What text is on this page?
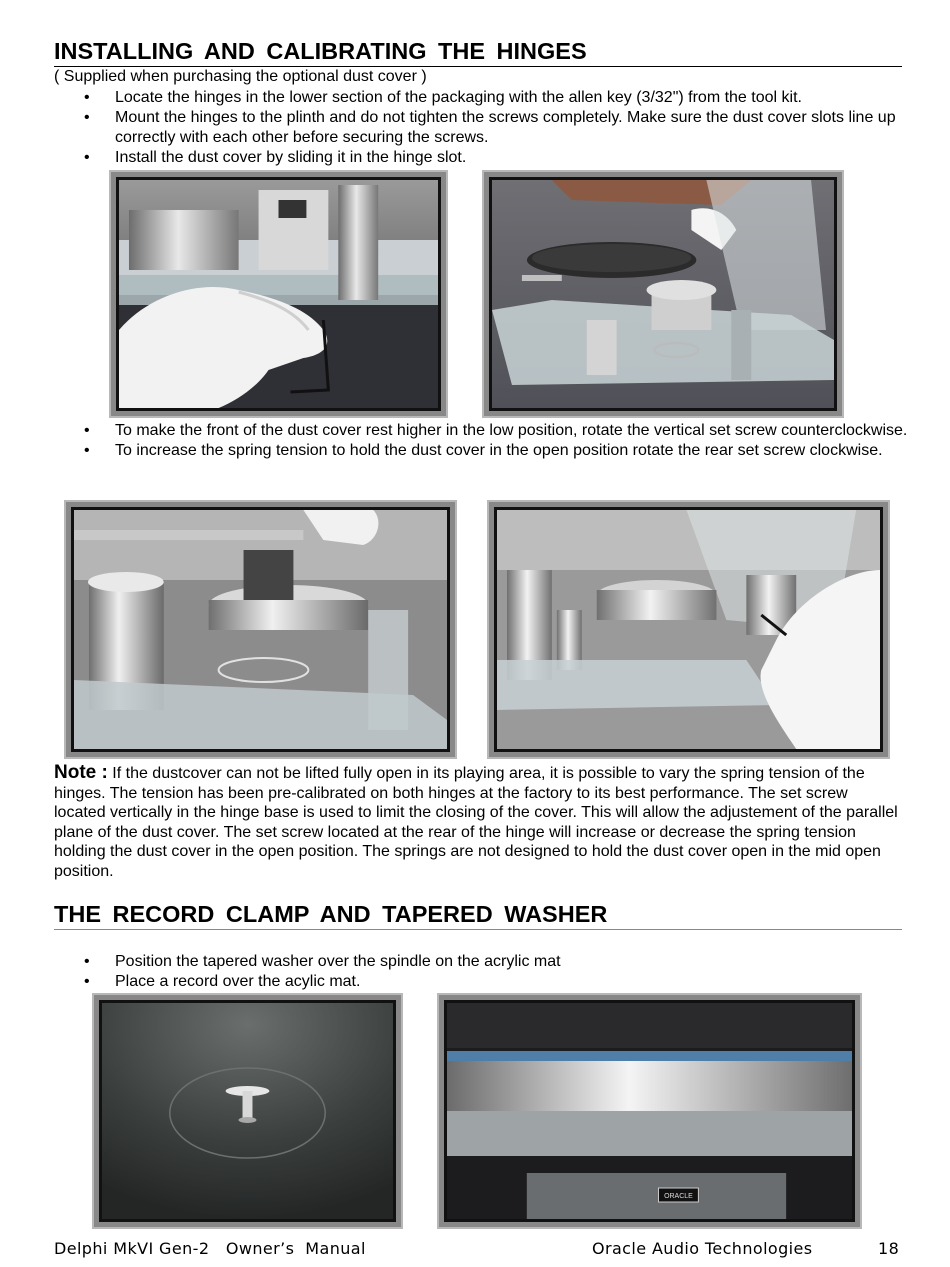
INSTALLING AND CALIBRATING THE HINGES
( Supplied when purchasing the optional dust cover )
• Locate the hinges in the lower section of the packaging with the allen key (3/32") from the tool kit.
• Mount the hinges to the plinth and do not tighten the screws completely. Make sure the dust cover slots line up correctly with each other before securing the screws.
• Install the dust cover by sliding it in the hinge slot.
• To make the front of the dust cover rest higher in the low position, rotate the vertical set screw counterclockwise.
• To increase the spring tension to hold the dust cover in the open position rotate the rear set screw clockwise.
Note : If the dustcover can not be lifted fully open in its playing area, it is possible to vary the spring tension of the hinges. The tension has been pre-calibrated on both hinges at the factory to its best performance. The set screw located vertically in the hinge base is used to limit the closing of the cover. This will allow the adjustement of the parallel plane of the dust cover. The set screw located at the rear of the hinge will increase or decrease the spring tension holding the dust cover in the open position. The springs are not designed to hold the dust cover open in the mid open position.
THE RECORD CLAMP AND TAPERED WASHER
• Position the tapered washer over the spindle on the acrylic mat
• Place a record over the acylic mat.
ORACLE
Delphi MkVI Gen-2   Owner’s  Manual	Oracle Audio Technologies	18
